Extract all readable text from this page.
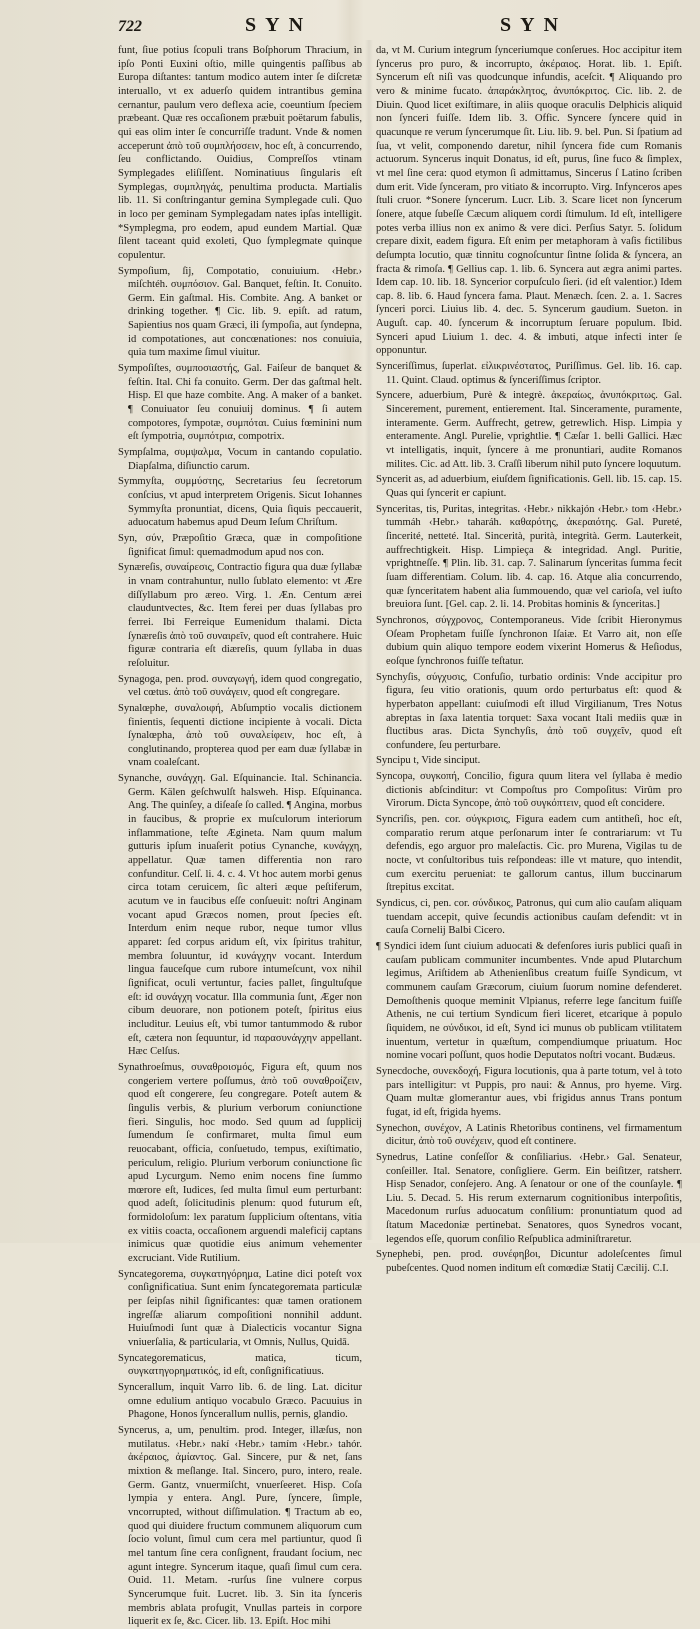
722	SYN	SYN

funt, ſiue potius ſcopuli trans Boſphorum Thracium, in ipſo Ponti Euxini oſtio, mille quingentis paſſibus ab Europa diſtantes: tantum modico autem inter ſe diſcretæ interuallo, vt ex aduerſo quidem intrantibus gemina cernantur, paulum vero deflexa acie, coeuntium ſpeciem præbeant. Quæ res occaſionem præbuit poëtarum fabulis, qui eas olim inter ſe concurriſſe tradunt. Vnde & nomen acceperunt ἀπὸ τοῦ συμπλήσσειν, hoc eſt, à concurrendo, ſeu conflictando. Ouidius, Compreſſos vtinam Symplegades eliſiſſent. Nominatiuus ſingularis eſt Symplegas, συμπληγάς, penultima producta. Martialis lib. 11. Si conſtringantur gemina Symplegade culi. Quo in loco per geminam Symplegadam nates ipſas intelligit. *Symplegma, pro eodem, apud eundem Martial. Quæ ſilent taceant quid exoleti, Quo ſymplegmate quinque copulentur.

Sympoſium, ſij, Compotatio, conuiuium. ‹Hebr.› miſchtéh. συμπόσιον. Gal. Banquet, feſtin. It. Conuito. Germ. Ein gaſtmal. His. Combite. Ang. A banket or drinking together. ¶ Cic. lib. 9. epiſt. ad ratum, Sapientius nos quam Græci, ili ſympoſia, aut ſyndepna, id compotationes, aut concœnationes: nos conuiuia, quia tum maxime ſimul viuitur.

Sympoſiſtes, συμποσιαστής, Gal. Faiſeur de banquet & feſtin. Ital. Chi fa conuito. Germ. Der das gaſtmal helt. Hisp. El que haze combite. Ang. A maker of a banket. ¶ Conuiuator ſeu conuiuij dominus. ¶ ſi autem compotores, ſympotæ, συμπόται. Cuius fœminini num eſt ſympotria, συμπότρια, compotrix.

Sympſalma, συμψαλμα, Vocum in cantando copulatio. Diapſalma, diſiunctio carum.

Symmyſta, συμμύστης, Secretarius ſeu ſecretorum conſcius, vt apud interpretem Origenis. Sicut Iohannes Symmyſta pronuntiat, dicens, Quia ſiquis peccauerit, aduocatum habemus apud Deum Ieſum Chriſtum.

Syn, σύν, Præpoſitio Græca, quæ in compoſitione ſignificat ſimul: quemadmodum apud nos con.

Synæreſis, συναίρεσις, Contractio figura qua duæ ſyllabæ in vnam contrahuntur, nullo ſublato elemento: vt Ære diſſyllabum pro æreo. Virg. 1. Æn. Centum ærei clauduntvectes, &c. Item ferei per duas ſyllabas pro ferrei. Ibi Ferreique Eumenidum thalami. Dicta ſynæreſis ἀπὸ τοῦ συναιρεῖν, quod eſt contrahere. Huic figuræ contraria eſt diæreſis, quum ſyllaba in duas reſoluitur.

Synagoga, pen. prod. συναγωγή, idem quod congregatio, vel cœtus. ἀπὸ τοῦ συνάγειν, quod eſt congregare.

Synalœphe, συναλοιφή, Abſumptio vocalis dictionem finientis, ſequenti dictione incipiente à vocali. Dicta ſynalœpha, ἀπὸ τοῦ συναλείφειν, hoc eſt, à conglutinando, propterea quod per eam duæ ſyllabæ in vnam coaleſcant.

Synanche, συνάγχη. Gal. Eſquinancie. Ital. Schinancia. Germ. Kälen geſchwulſt halsweh. Hisp. Eſquinanca. Ang. The quinſey, a diſeaſe ſo called. ¶ Angina, morbus in faucibus, & proprie ex muſculorum interiorum inflammatione, teſte Ægineta. Nam quum malum gutturis ipſum inuaſerit potius Cynanche, κυνάγχη, appellatur. Quæ tamen differentia non raro confunditur. Celſ. li. 4. c. 4. Vt hoc autem morbi genus circa totam ceruicem, ſic alteri æque peſtiferum, acutum ve in faucibus eſſe conſueuit: noſtri Anginam vocant apud Græcos nomen, prout ſpecies eſt. Interdum enim neque rubor, neque tumor vllus apparet: ſed corpus aridum eſt, vix ſpiritus trahitur, membra ſoluuntur, id κυνάγχην vocant. Interdum lingua fauceſque cum rubore intumeſcunt, vox nihil ſignificat, oculi vertuntur, facies pallet, ſingultuſque eſt: id συνάγχη vocatur. Illa communia ſunt, Æger non cibum deuorare, non potionem poteſt, ſpiritus eius includitur. Leuius eſt, vbi tumor tantummodo & rubor eſt, cætera non ſequuntur, id παρασυνάγχην appellant. Hæc Celſus.

Synathroeſmus, συναθροισμός, Figura eſt, quum nos congeriem vertere poſſumus, ἀπὸ τοῦ συναθροίζειν, quod eſt congerere, ſeu congregare. Poteſt autem & ſingulis verbis, & plurium verborum coniunctione fieri. Singulis, hoc modo. Sed quum ad ſupplicij ſumendum ſe confirmaret, multa ſimul eum reuocabant, officia, conſuetudo, tempus, exiſtimatio, periculum, religio. Plurium verborum coniunctione ſic apud Lycurgum. Nemo enim nocens fine ſummo mœrore eſt, Iudices, ſed multa ſimul eum perturbant: quod adeſt, ſolicitudinis plenum: quod futurum eſt, formidoloſum: lex paratum ſupplicium oſtentans, vitia ex vitiis coacta, occaſionem arguendi maleficij captans inimicus quæ quotidie eius animum vehementer excruciant. Vide Rutilium.

Syncategorema, συγκατηγόρημα, Latine dici poteſt vox conſignificatiua. Sunt enim ſyncategoremata particulæ per ſeipſas nihil ſignificantes: quæ tamen orationem ingreſſæ aliarum compoſitioni nonnihil addunt. Huiuſmodi ſunt quæ à Dialecticis vocantur Signa vniuerſalia, & particularia, vt Omnis, Nullus, Quidā.

Syncategorematicus, matica, ticum, συγκατηγορηματικός, id eſt, conſignificatiuus.

Syncerallum, inquit Varro lib. 6. de ling. Lat. dicitur omne edulium antiquo vocabulo Græco. Pacuuius in Phagone, Honos ſyncerallum nullis, pernis, glandio.

Syncerus, a, um, penultim. prod. Integer, illæſus, non mutilatus. ‹Hebr.› nakí ‹Hebr.› tamím ‹Hebr.› tahór. ἀκέραιος, ἀμίαντος. Gal. Sincere, pur & net, ſans mixtion & meſlange. Ital. Sincero, puro, intero, reale. Germ. Gantz, vnuermiſcht, vnuerſeeret. Hisp. Coſa lympia y entera. Angl. Pure, ſyncere, ſimple, vncorrupted, without diſſimulation. ¶ Tractum ab eo, quod qui diuidere fructum communem aliquorum cum ſocio volunt, ſimul cum cera mel partiuntur, quod ſi mel tantum ſine cera conſignent, fraudant ſocium, nec agunt integre. Syncerum itaque, quaſi ſimul cum cera. Ouid. 11. Metam. ‑rurſus ſine vulnere corpus Syncerumque fuit. Lucret. lib. 3. Sin ita ſynceris membris ablata profugit, Vnullas parteis in corpore liquerit ex ſe, &c. Cicer. lib. 13. Epiſt. Hoc mihi

da, vt M. Curium integrum ſynceriumque conſerues. Hoc accipitur item ſyncerus pro puro, & incorrupto, ἀκέραιος. Horat. lib. 1. Epiſt. Syncerum eſt niſi vas quodcunque infundis, aceſcit. ¶ Aliquando pro vero & minime fucato. ἀπαράκλητος, ἀνυπόκριτος. Cic. lib. 2. de Diuin. Quod licet exiſtimare, in aliis quoque oraculis Delphicis aliquid non ſynceri fuiſſe. Idem lib. 3. Offic. Syncere ſyncere quid in quacunque re verum ſyncerumque ſit. Liu. lib. 9. bel. Pun. Si ſpatium ad ſua, vt velit, componendo daretur, nihil ſyncera fide cum Romanis actuorum. Syncerus inquit Donatus, id eſt, purus, ſine fuco & ſimplex, vt mel ſine cera: quod etymon ſi admittamus, Sincerus ſ Latino ſcriben dum erit. Vide ſynceram, pro vitiato & incorrupto. Virg. Infynceros apes ſtuli cruor. *Sonere ſyncerum. Lucr. Lib. 3. Scare licet non ſyncerum ſonere, atque ſubeſſe Cæcum aliquem cordi ſtimulum. Id eſt, intelligere potes verba illius non ex animo & vere dici. Perſius Satyr. 5. ſolidum crepare dixit, eadem figura. Eſt enim per metaphoram à vaſis fictilibus deſumpta locutio, quæ tinnitu cognoſcuntur ſintne ſolida & ſyncera, an fracta & rimoſa. ¶ Gellius cap. 1. lib. 6. Syncera aut ægra animi partes. Idem cap. 10. lib. 18. Syncerior corpuſculo ſieri. (id eſt valentior.) Idem cap. 8. lib. 6. Haud ſyncera fama. Plaut. Menæch. ſcen. 2. a. 1. Sacres ſynceri porci. Liuius lib. 4. dec. 5. Syncerum gaudium. Sueton. in Auguſt. cap. 40. ſyncerum & incorruptum ſeruare populum. Ibid. Synceri apud Liuium 1. dec. 4. & imbuti, atque infecti inter ſe opponuntur.

Synceriſſimus, ſuperlat. εἰλικρινέστατος, Puriſſimus. Gel. lib. 16. cap. 11. Quint. Claud. optimus & ſynceriſſimus ſcriptor.

Syncere, aduerbium, Purè & integrè. ἀκεραίως, ἀνυπόκριτως. Gal. Sincerement, purement, entierement. Ital. Sinceramente, puramente, interamente. Germ. Auffrecht, getrew, getrewlich. Hisp. Limpia y enteramente. Angl. Purelie, vprightlie. ¶ Cæſar 1. belli Gallici. Hæc vt intelligatis, inquit, ſyncere à me pronuntiari, audite Romanos milites. Cic. ad Att. lib. 3. Craſſi liberum nihil puto ſyncere loquutum.

Syncerit as, ad aduerbium, eiuſdem ſignificationis. Gell. lib. 15. cap. 15. Quas qui ſyncerit er capiunt.

Synceritas, tis, Puritas, integritas. ‹Hebr.› nikkajón ‹Hebr.› tom ‹Hebr.› tummáh ‹Hebr.› taharáh. καθαρότης, ἀκεραιότης. Gal. Pureté, ſincerité, netteté. Ital. Sincerità, purità, integrità. Germ. Lauterkeit, auffrechtigkeit. Hisp. Limpieça & integridad. Angl. Puritie, vprightneſſe. ¶ Plin. lib. 31. cap. 7. Salinarum ſynceritas ſumma fecit ſuam differentiam. Colum. lib. 4. cap. 16. Atque alia concurrendo, quæ ſynceritatem habent alia ſummouendo, quæ vel carioſa, vel iuſto breuiora ſunt. [Gel. cap. 2. li. 14. Probitas hominis & ſynceritas.]

Synchronos, σύγχρονος, Contemporaneus. Vide ſcribit Hieronymus Oſeam Prophetam fuiſſe ſynchronon Iſaiæ. Et Varro ait, non eſſe dubium quin aliquo tempore eodem vixerint Homerus & Heſiodus, eoſque ſynchronos fuiſſe teſtatur.

Synchyſis, σύγχυσις, Confuſio, turbatio ordinis: Vnde accipitur pro figura, ſeu vitio orationis, quum ordo perturbatus eſt: quod & hyperbaton appellant: cuiuſmodi eſt illud Virgilianum, Tres Notus abreptas in ſaxa latentia torquet: Saxa vocant Itali mediis quæ in fluctibus aras. Dicta Synchyſis, ἀπὸ τοῦ συγχεῖν, quod eſt confundere, ſeu perturbare.

Syncipu t, Vide sinciput.

Syncopa, συγκοπή, Concilio, figura quum litera vel ſyllaba è medio dictionis abſcinditur: vt Compoſtus pro Compoſitus: Virûm pro Virorum. Dicta Syncope, ἀπὸ τοῦ συγκόπτειν, quod eſt concidere.

Syncriſis, pen. cor. σύγκρισις, Figura eadem cum antitheſi, hoc eſt, comparatio rerum atque perſonarum inter ſe contrariarum: vt Tu defendis, ego arguor pro maleſactis. Cic. pro Murena, Vigilas tu de nocte, vt conſultoribus tuis reſpondeas: ille vt mature, quo intendit, cum exercitu perueniat: te gallorum cantus, illum buccinarum ſtrepitus excitat.

Syndicus, ci, pen. cor. σύνδικος, Patronus, qui cum alio cauſam aliquam tuendam accepit, quive ſecundis actionibus cauſam defendit: vt in cauſa Cornelij Balbi Cicero.

¶ Syndici idem ſunt ciuium aduocati & defenſores iuris publici quaſi in cauſam publicam communiter incumbentes. Vnde apud Plutarchum legimus, Ariſtidem ab Athenienſibus creatum fuiſſe Syndicum, vt communem cauſam Græcorum, ciuium ſuorum nomine defenderet. Demoſthenis quoque meminit Vlpianus, referre lege ſancitum fuiſſe Athenis, ne cui tertium Syndicum fieri liceret, etcarique à populo ſiquidem, ne σύνδικοι, id eſt, Synd ici munus ob publicam vtilitatem inuentum, vertetur in quæſtum, compendiumque priuatum. Hoc nomine vocari poſſunt, quos hodie Deputatos noſtri vocant. Budæus.

Synecdoche, συνεκδοχή, Figura locutionis, qua à parte totum, vel à toto pars intelligitur: vt Puppis, pro naui: & Annus, pro hyeme. Virg. Quam multæ glomerantur aues, vbi frigidus annus Trans pontum fugat, id eſt, frigida hyems.

Synechon, συνέχον, A Latinis Rhetoribus continens, vel firmamentum dicitur, ἀπὸ τοῦ συνέχειν, quod eſt continere.

Synedrus, Latine conſeſſor & conſiliarius. ‹Hebr.› Gal. Senateur, conſeiller. Ital. Senatore, conſigliere. Germ. Ein beiſitzer, ratsherr. Hisp Senador, conſejero. Ang. A ſenatour or one of the counſayle. ¶ Liu. 5. Decad. 5. His rerum externarum cognitionibus interpoſitis, Macedonum rurſus aduocatum conſilium: pronuntiatum quod ad ſtatum Macedoniæ pertinebat. Senatores, quos Synedros vocant, legendos eſſe, quorum conſilio Reſpublica adminiſtraretur.

Synephebi, pen. prod. συνέφηβοι, Dicuntur adoleſcentes ſimul pubeſcentes. Quod nomen inditum eſt comœdiæ Statij Cæcilij. C.I.
